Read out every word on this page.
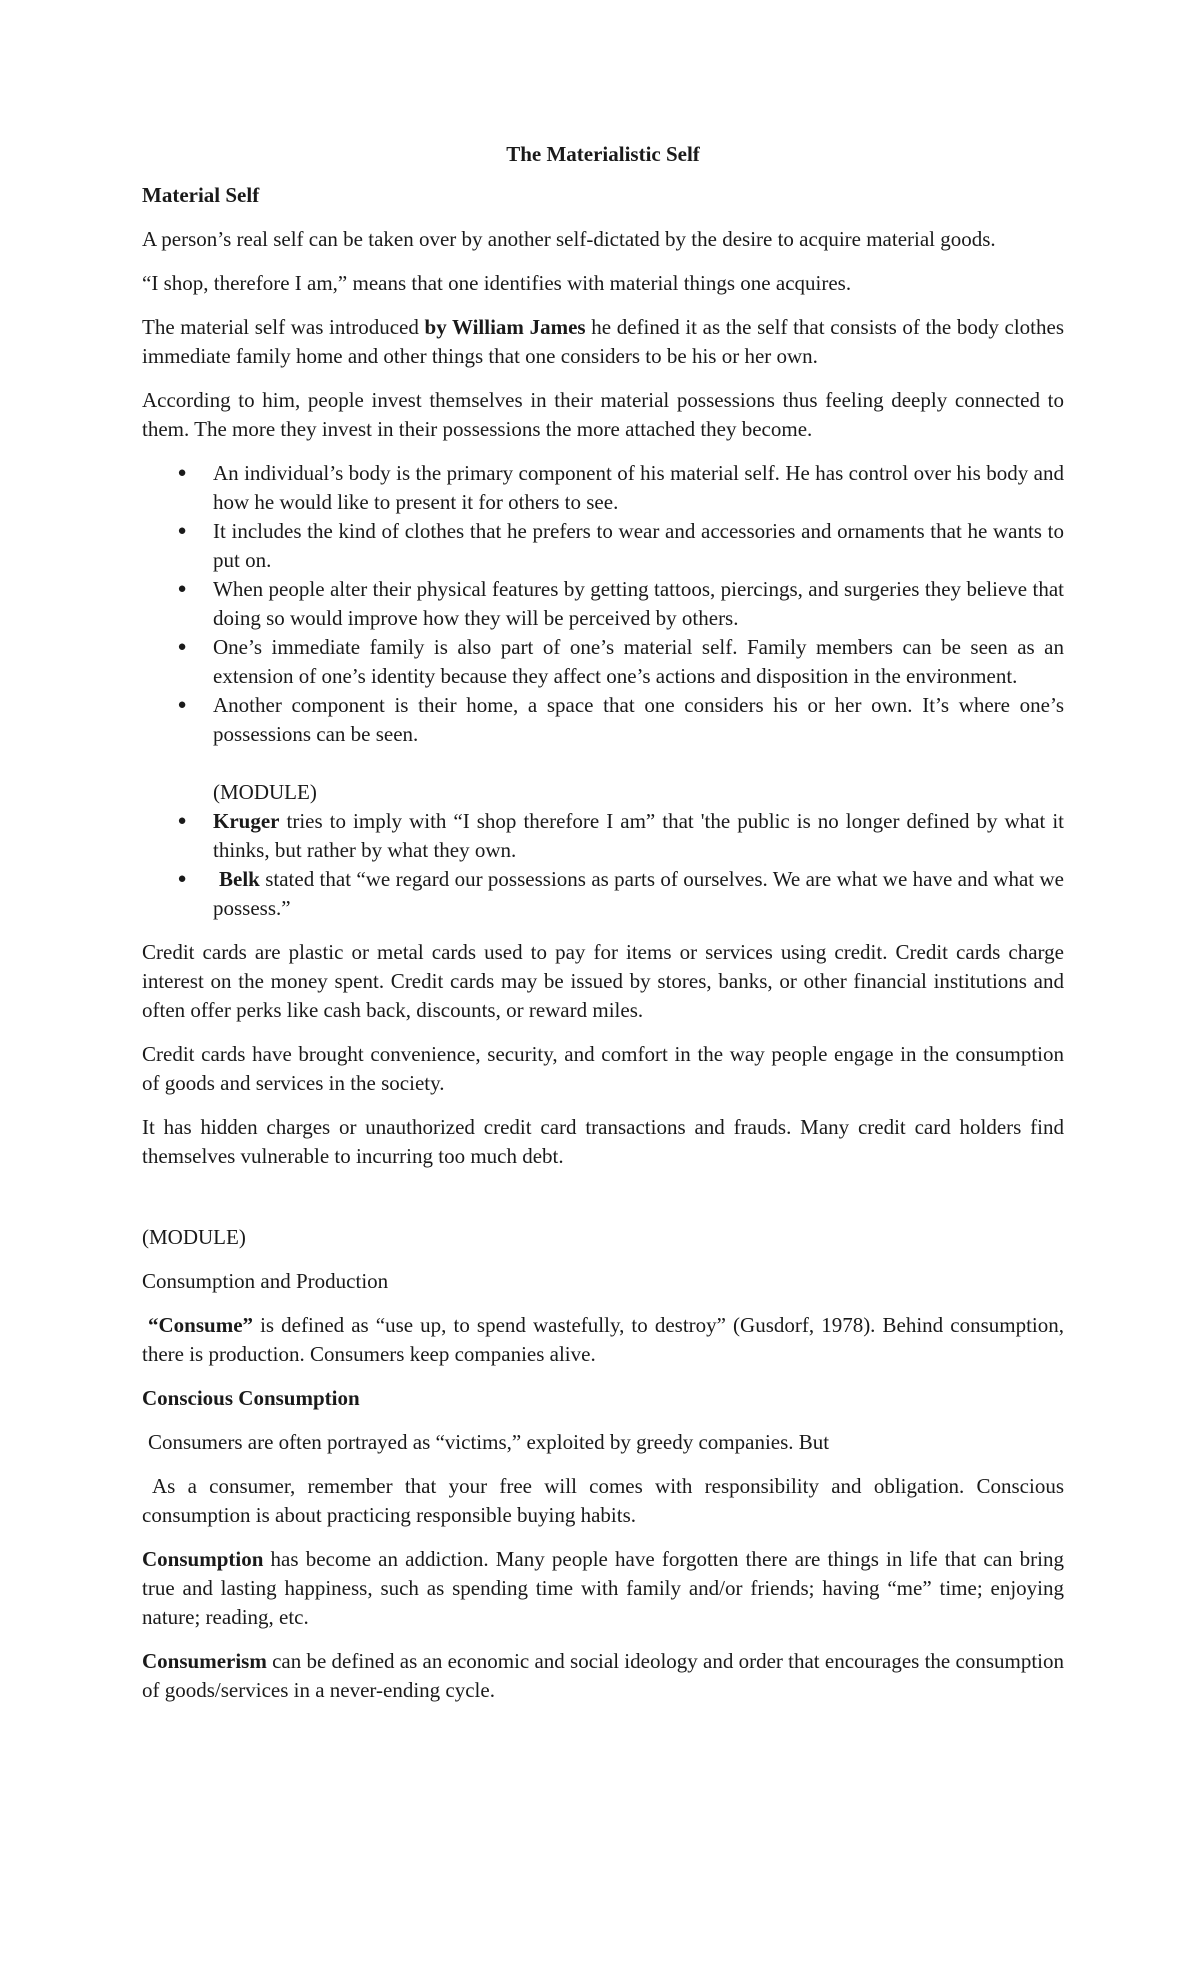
The Materialistic Self
Material Self

A person’s real self can be taken over by another self-dictated by the desire to acquire material goods.

“I shop, therefore I am,” means that one identifies with material things one acquires.

The material self was introduced by William James he defined it as the self that consists of the body clothes immediate family home and other things that one considers to be his or her own.

According to him, people invest themselves in their material possessions thus feeling deeply connected to them. The more they invest in their possessions the more attached they become.

● An individual’s body is the primary component of his material self. He has control over his body and how he would like to present it for others to see.
● It includes the kind of clothes that he prefers to wear and accessories and ornaments that he wants to put on.
● When people alter their physical features by getting tattoos, piercings, and surgeries they believe that doing so would improve how they will be perceived by others.
● One’s immediate family is also part of one’s material self. Family members can be seen as an extension of one’s identity because they affect one’s actions and disposition in the environment.
● Another component is their home, a space that one considers his or her own. It’s where one’s possessions can be seen.
(MODULE)
● Kruger tries to imply with “I shop therefore I am” that 'the public is no longer defined by what it thinks, but rather by what they own.
● Belk stated that “we regard our possessions as parts of ourselves. We are what we have and what we possess.”

Credit cards are plastic or metal cards used to pay for items or services using credit. Credit cards charge interest on the money spent. Credit cards may be issued by stores, banks, or other financial institutions and often offer perks like cash back, discounts, or reward miles.

Credit cards have brought convenience, security, and comfort in the way people engage in the consumption of goods and services in the society.

It has hidden charges or unauthorized credit card transactions and frauds. Many credit card holders find themselves vulnerable to incurring too much debt.

(MODULE)

Consumption and Production

“Consume” is defined as “use up, to spend wastefully, to destroy” (Gusdorf, 1978). Behind consumption, there is production. Consumers keep companies alive.

Conscious Consumption

Consumers are often portrayed as “victims,” exploited by greedy companies. But

As a consumer, remember that your free will comes with responsibility and obligation. Conscious consumption is about practicing responsible buying habits.

Consumption has become an addiction. Many people have forgotten there are things in life that can bring true and lasting happiness, such as spending time with family and/or friends; having “me” time; enjoying nature; reading, etc.

Consumerism can be defined as an economic and social ideology and order that encourages the consumption of goods/services in a never-ending cycle.
